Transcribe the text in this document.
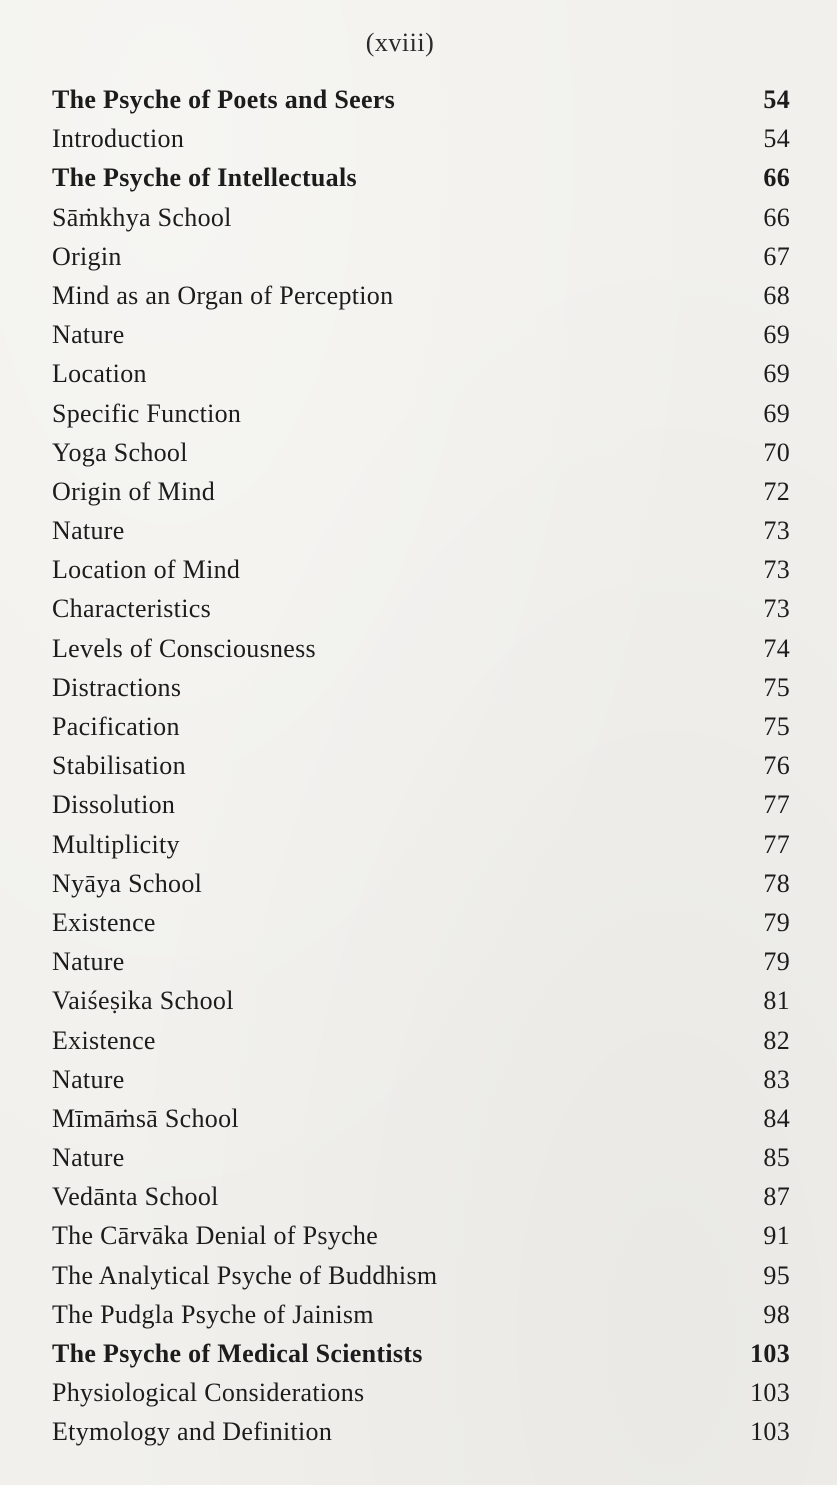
(xviii)
The Psyche of Poets and Seers	54
Introduction	54
The Psyche of Intellectuals	66
Sāṁkhya School	66
Origin	67
Mind as an Organ of Perception	68
Nature	69
Location	69
Specific Function	69
Yoga School	70
Origin of Mind	72
Nature	73
Location of Mind	73
Characteristics	73
Levels of Consciousness	74
Distractions	75
Pacification	75
Stabilisation	76
Dissolution	77
Multiplicity	77
Nyāya School	78
Existence	79
Nature	79
Vaiśeṣika School	81
Existence	82
Nature	83
Mīmāṁsā School	84
Nature	85
Vedānta School	87
The Cārvāka Denial of Psyche	91
The Analytical Psyche of Buddhism	95
The Pudgla Psyche of Jainism	98
The Psyche of Medical Scientists	103
Physiological Considerations	103
Etymology and Definition	103
